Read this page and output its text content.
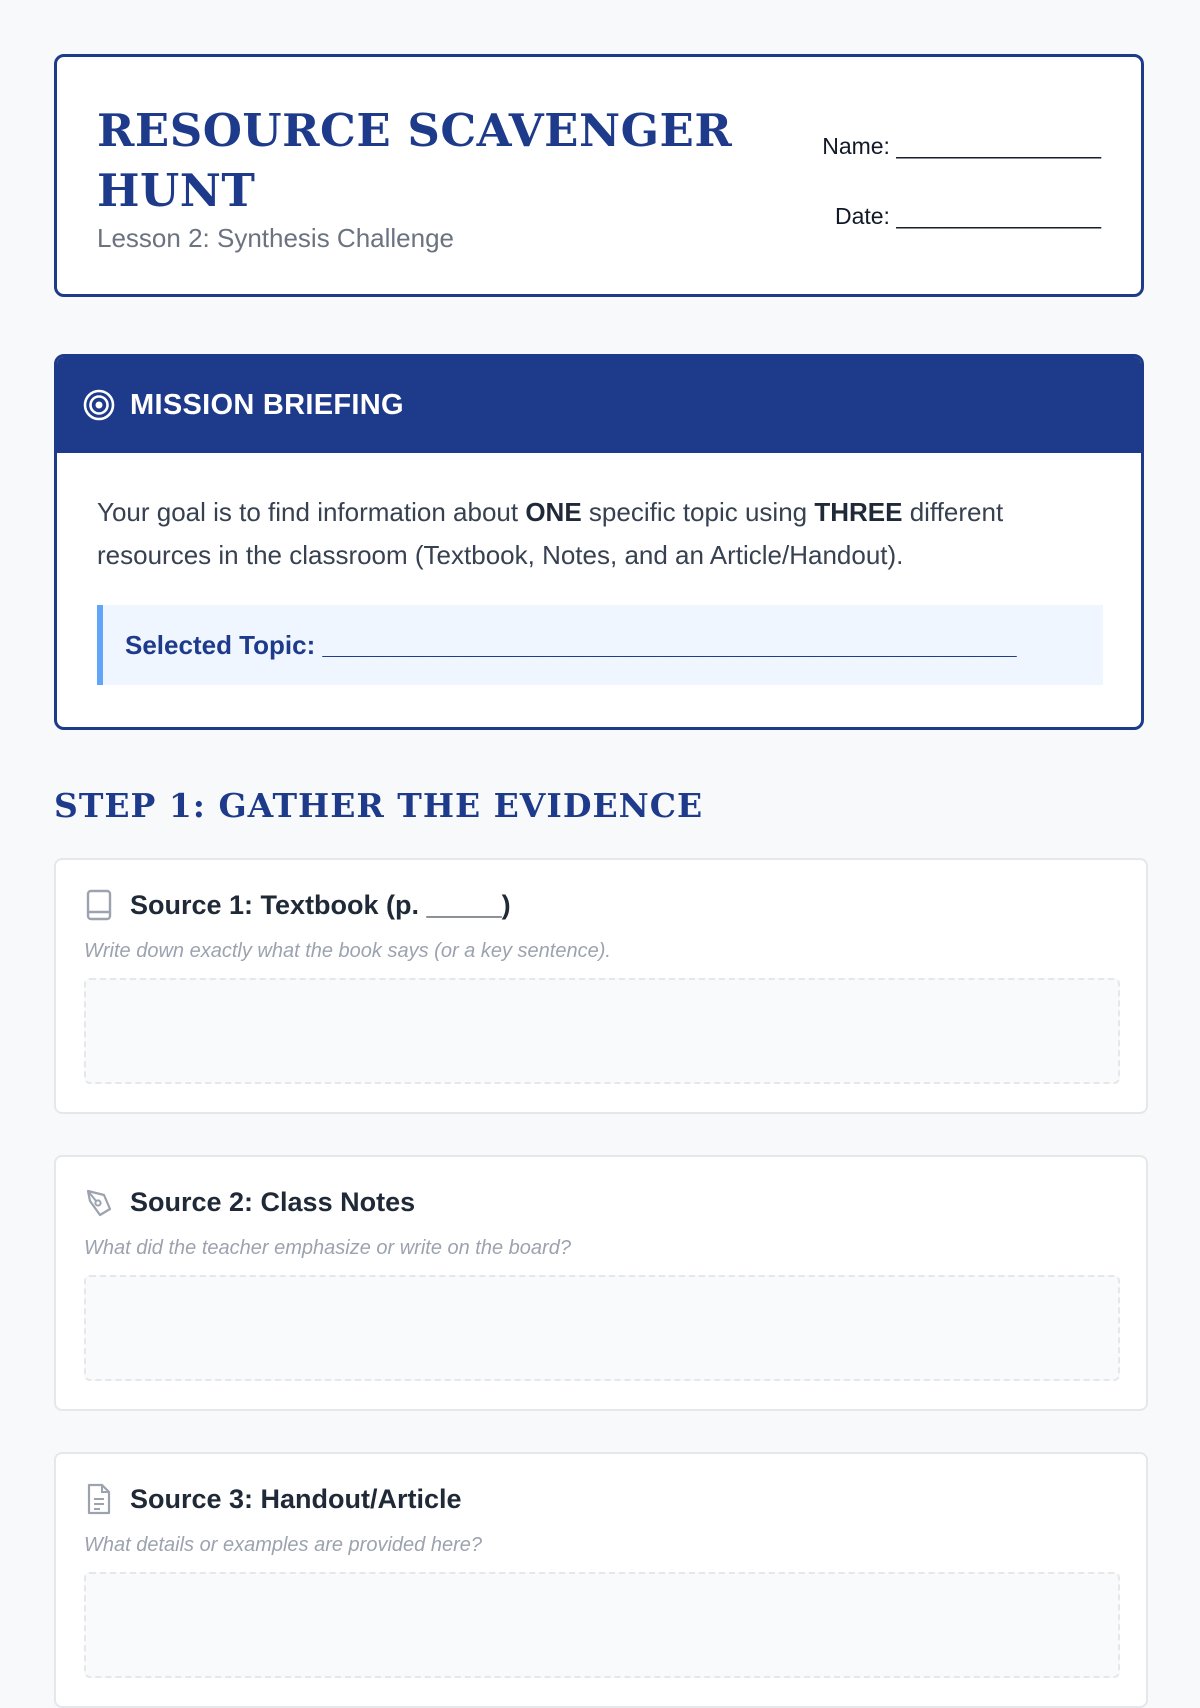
RESOURCE SCAVENGER HUNT

Lesson 2: Synthesis Challenge

Name: ________________
Date: ________________
MISSION BRIEFING
Your goal is to find information about ONE specific topic using THREE different resources in the classroom (Textbook, Notes, and an Article/Handout).
Selected Topic: ________________________________________________
STEP 1: GATHER THE EVIDENCE
Source 1: Textbook (p. _____)
Write down exactly what the book says (or a key sentence).
Source 2: Class Notes
What did the teacher emphasize or write on the board?
Source 3: Handout/Article
What details or examples are provided here?
